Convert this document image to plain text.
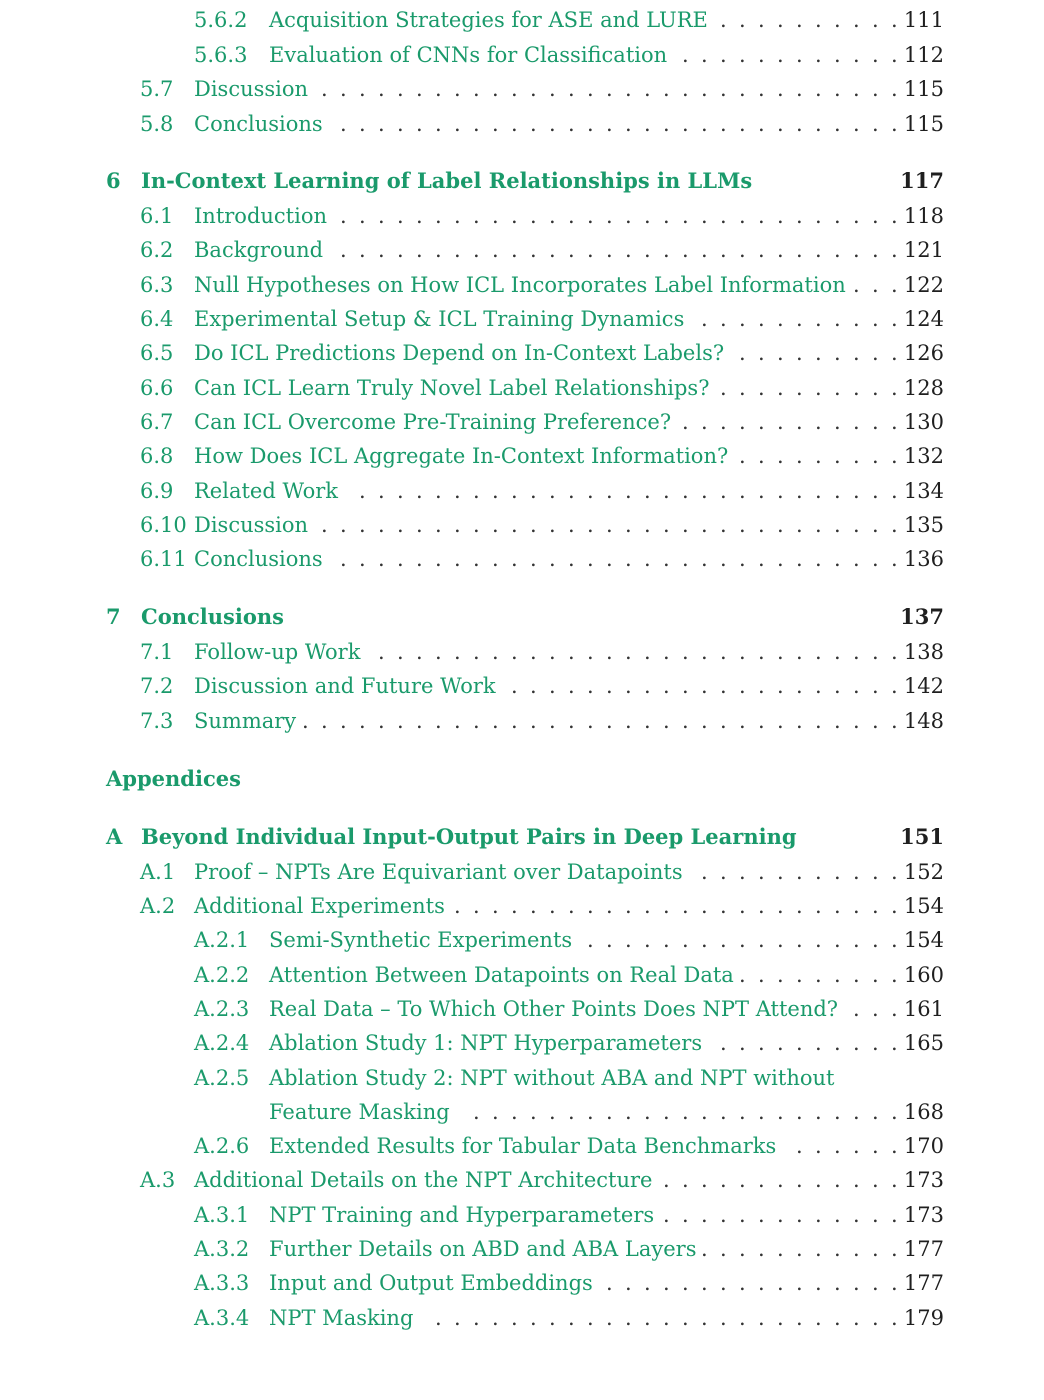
Appendices
5.6.2 Acquisition Strategies for ASE and LURE	111
. . . . . . . . . .
5.6.3 Evaluation of CNNs for Classification	112
. . . . . . . . . . . .
5.7 Discussion	115
. . . . . . . . . . . . . . . . . . . . . . . . . . . . . . .
5.8 Conclusions	115
. . . . . . . . . . . . . . . . . . . . . . . . . . . . . .
6 In-Context Learning of Label Relationships in LLMs	117
6.1 Introduction	118
. . . . . . . . . . . . . . . . . . . . . . . . . . . . . .
6.2 Background	121
. . . . . . . . . . . . . . . . . . . . . . . . . . . . . .
6.3 Null Hypotheses on How ICL Incorporates Label Information	122
. . .
6.4 Experimental Setup & ICL Training Dynamics	124
. . . . . . . . . . .
6.5 Do ICL Predictions Depend on In-Context Labels?	126
. . . . . . . . .
6.6 Can ICL Learn Truly Novel Label Relationships?	128
. . . . . . . . . .
6.7 Can ICL Overcome Pre-Training Preference?	130
. . . . . . . . . . . .
6.8 How Does ICL Aggregate In-Context Information?	132
. . . . . . . . .
6.9 Related Work	134
. . . . . . . . . . . . . . . . . . . . . . . . . . . . .
6.10 Discussion	135
. . . . . . . . . . . . . . . . . . . . . . . . . . . . . . .
6.11 Conclusions	136
. . . . . . . . . . . . . . . . . . . . . . . . . . . . . .
7 Conclusions	137
7.1 Follow-up Work	138
. . . . . . . . . . . . . . . . . . . . . . . . . . . .
7.2 Discussion and Future Work	142
. . . . . . . . . . . . . . . . . . . . .
7.3 Summary	148
. . . . . . . . . . . . . . . . . . . . . . . . . . . . . . . .
A Beyond Individual Input-Output Pairs in Deep Learning	151
A.1 Proof – NPTs Are Equivariant over Datapoints	152
. . . . . . . . . . .
A.2 Additional Experiments	154
. . . . . . . . . . . . . . . . . . . . . . . .
A.2.1 Semi-Synthetic Experiments	154
. . . . . . . . . . . . . . . . .
A.2.2 Attention Between Datapoints on Real Data	160
. . . . . . . . .
A.2.3 Real Data – To Which Other Points Does NPT Attend?	161
. . .
A.2.4 Ablation Study 1: NPT Hyperparameters	165
. . . . . . . . . .
A.2.5 Ablation Study 2: NPT without ABA and NPT without
Feature Masking	168
. . . . . . . . . . . . . . . . . . . . . . .
A.2.6 Extended Results for Tabular Data Benchmarks	170
. . . . . .
A.3 Additional Details on the NPT Architecture	173
. . . . . . . . . . . . .
A.3.1 NPT Training and Hyperparameters	173
. . . . . . . . . . . . .
A.3.2 Further Details on ABD and ABA Layers	177
. . . . . . . . . . .
A.3.3 Input and Output Embeddings	177
. . . . . . . . . . . . . . . .
A.3.4 NPT Masking	179
. . . . . . . . . . . . . . . . . . . . . . . . .
